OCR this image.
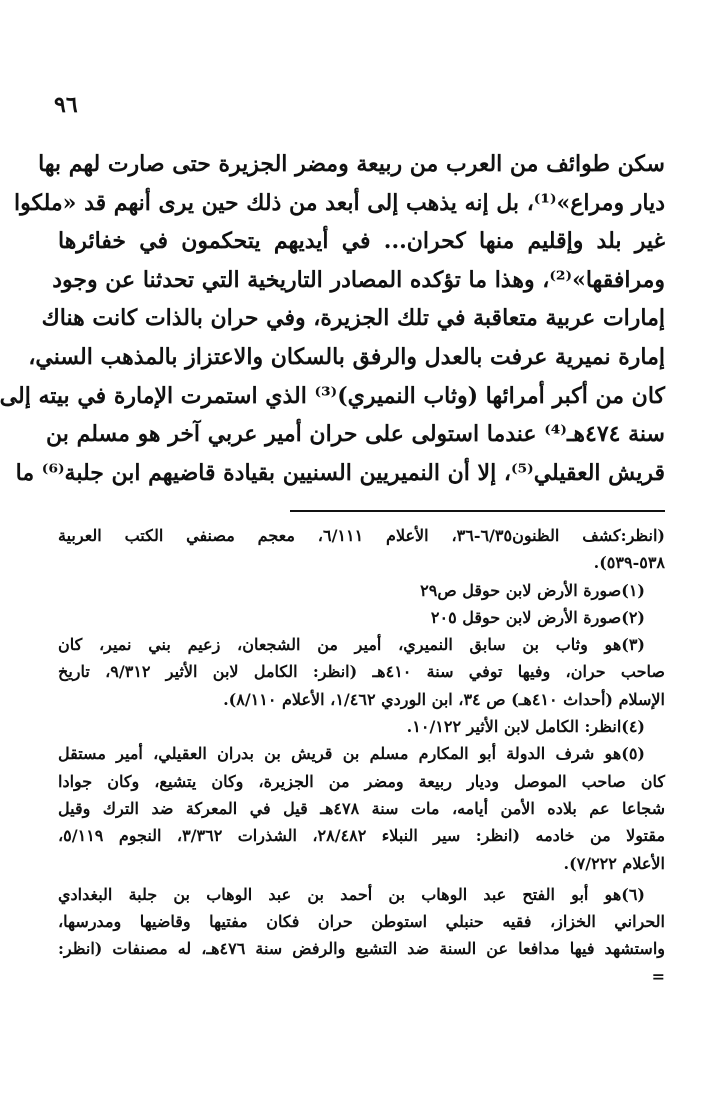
٩٦
سكن طوائف من العرب من ربيعة ومضر الجزيرة حتى صارت لهم بها
ديار ومراع»⁽¹⁾، بل إنه يذهب إلى أبعد من ذلك حين يرى أنهم قد «ملكوا
غير بلد وإقليم منها كحران... في أيديهم يتحكمون في خفائرها
ومرافقها»⁽²⁾، وهذا ما تؤكده المصادر التاريخية التي تحدثنا عن وجود
إمارات عربية متعاقبة في تلك الجزيرة، وفي حران بالذات كانت هناك
إمارة نميرية عرفت بالعدل والرفق بالسكان والاعتزاز بالمذهب السني،
كان من أكبر أمرائها (وثاب النميري)⁽³⁾ الذي استمرت الإمارة في بيته إلى
سنة ٤٧٤هـ⁽⁴⁾ عندما استولى على حران أمير عربي آخر هو مسلم بن
قريش العقيلي⁽⁵⁾، إلا أن النميريين السنيين بقيادة قاضيهم ابن جلبة⁽⁶⁾ ما
(انظر:كشف الظنون٦/٣٥-٣٦، الأعلام ٦/١١١، معجم مصنفي الكتب العربية
٥٣٨-٥٣٩).
(١)صورة الأرض لابن حوقل ص٢٩
(٢)صورة الأرض لابن حوقل ٢٠٥
(٣)هو وثاب بن سابق النميري، أمير من الشجعان، زعيم بني نمير، كان
صاحب حران، وفيها توفي سنة ٤١٠هـ (انظر: الكامل لابن الأثير ٩/٣١٢، تاريخ
الإسلام (أحداث ٤١٠هـ) ص ٣٤، ابن الوردي ١/٤٦٢، الأعلام ٨/١١٠).
(٤)انظر: الكامل لابن الأثير ١٠/١٢٢.
(٥)هو شرف الدولة أبو المكارم مسلم بن قريش بن بدران العقيلي، أمير مستقل
كان صاحب الموصل وديار ربيعة ومضر من الجزيرة، وكان يتشيع، وكان جوادا
شجاعا عم بلاده الأمن أيامه، مات سنة ٤٧٨هـ قيل في المعركة ضد الترك وقيل
مقتولا من خادمه (انظر: سير النبلاء ٢٨/٤٨٢، الشذرات ٣/٣٦٢، النجوم ٥/١١٩،
الأعلام ٧/٢٢٢).
(٦)هو أبو الفتح عبد الوهاب بن أحمد بن عبد الوهاب بن جلبة البغدادي
الحراني الخزاز، فقيه حنبلي استوطن حران فكان مفتيها وقاضيها ومدرسها،
واستشهد فيها مدافعا عن السنة ضد التشيع والرفض سنة ٤٧٦هـ، له مصنفات (انظر:
=
